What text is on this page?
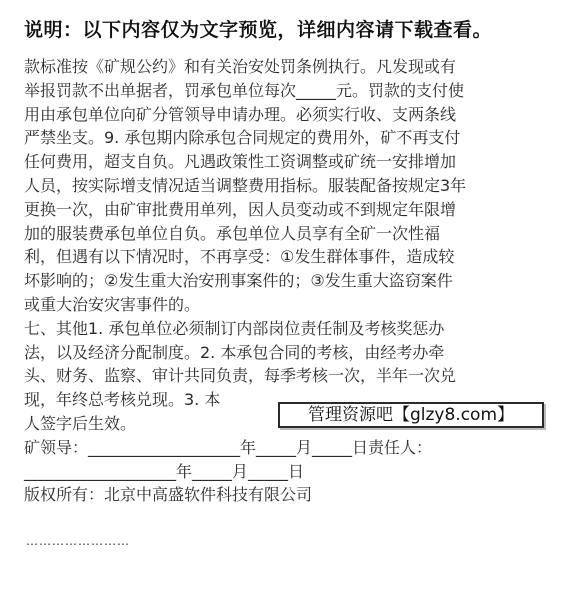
说明：以下内容仅为文字预览，详细内容请下载查看。
款标准按《矿规公约》和有关治安处罚条例执行。凡发现或有
举报罚款不出单据者，罚承包单位每次_____元。罚款的支付使
用由承包单位向矿分管领导申请办理。必须实行收、支两条线
严禁坐支。9. 承包期内除承包合同规定的费用外，矿不再支付
任何费用，超支自负。凡遇政策性工资调整或矿统一安排增加
人员，按实际增支情况适当调整费用指标。服装配备按规定3年
更换一次，由矿审批费用单列，因人员变动或不到规定年限增
加的服装费承包单位自负。承包单位人员享有全矿一次性福
利，但遇有以下情况时，不再享受：①发生群体事件，造成较
坏影响的；②发生重大治安刑事案件的；③发生重大盗窃案件
或重大治安灾害事件的。
七、其他1. 承包单位必须制订内部岗位责任制及考核奖惩办
法，以及经济分配制度。2. 本承包合同的考核，由经考办牵
头、财务、监察、审计共同负责，每季考核一次，半年一次兑
现，年终总考核兑现。3. 本
人签字后生效。
矿领导：___________________年_____月_____日责任人：
___________________年_____月_____日
版权所有：北京中高盛软件科技有限公司
……………………
管理资源吧【glzy8.com】
